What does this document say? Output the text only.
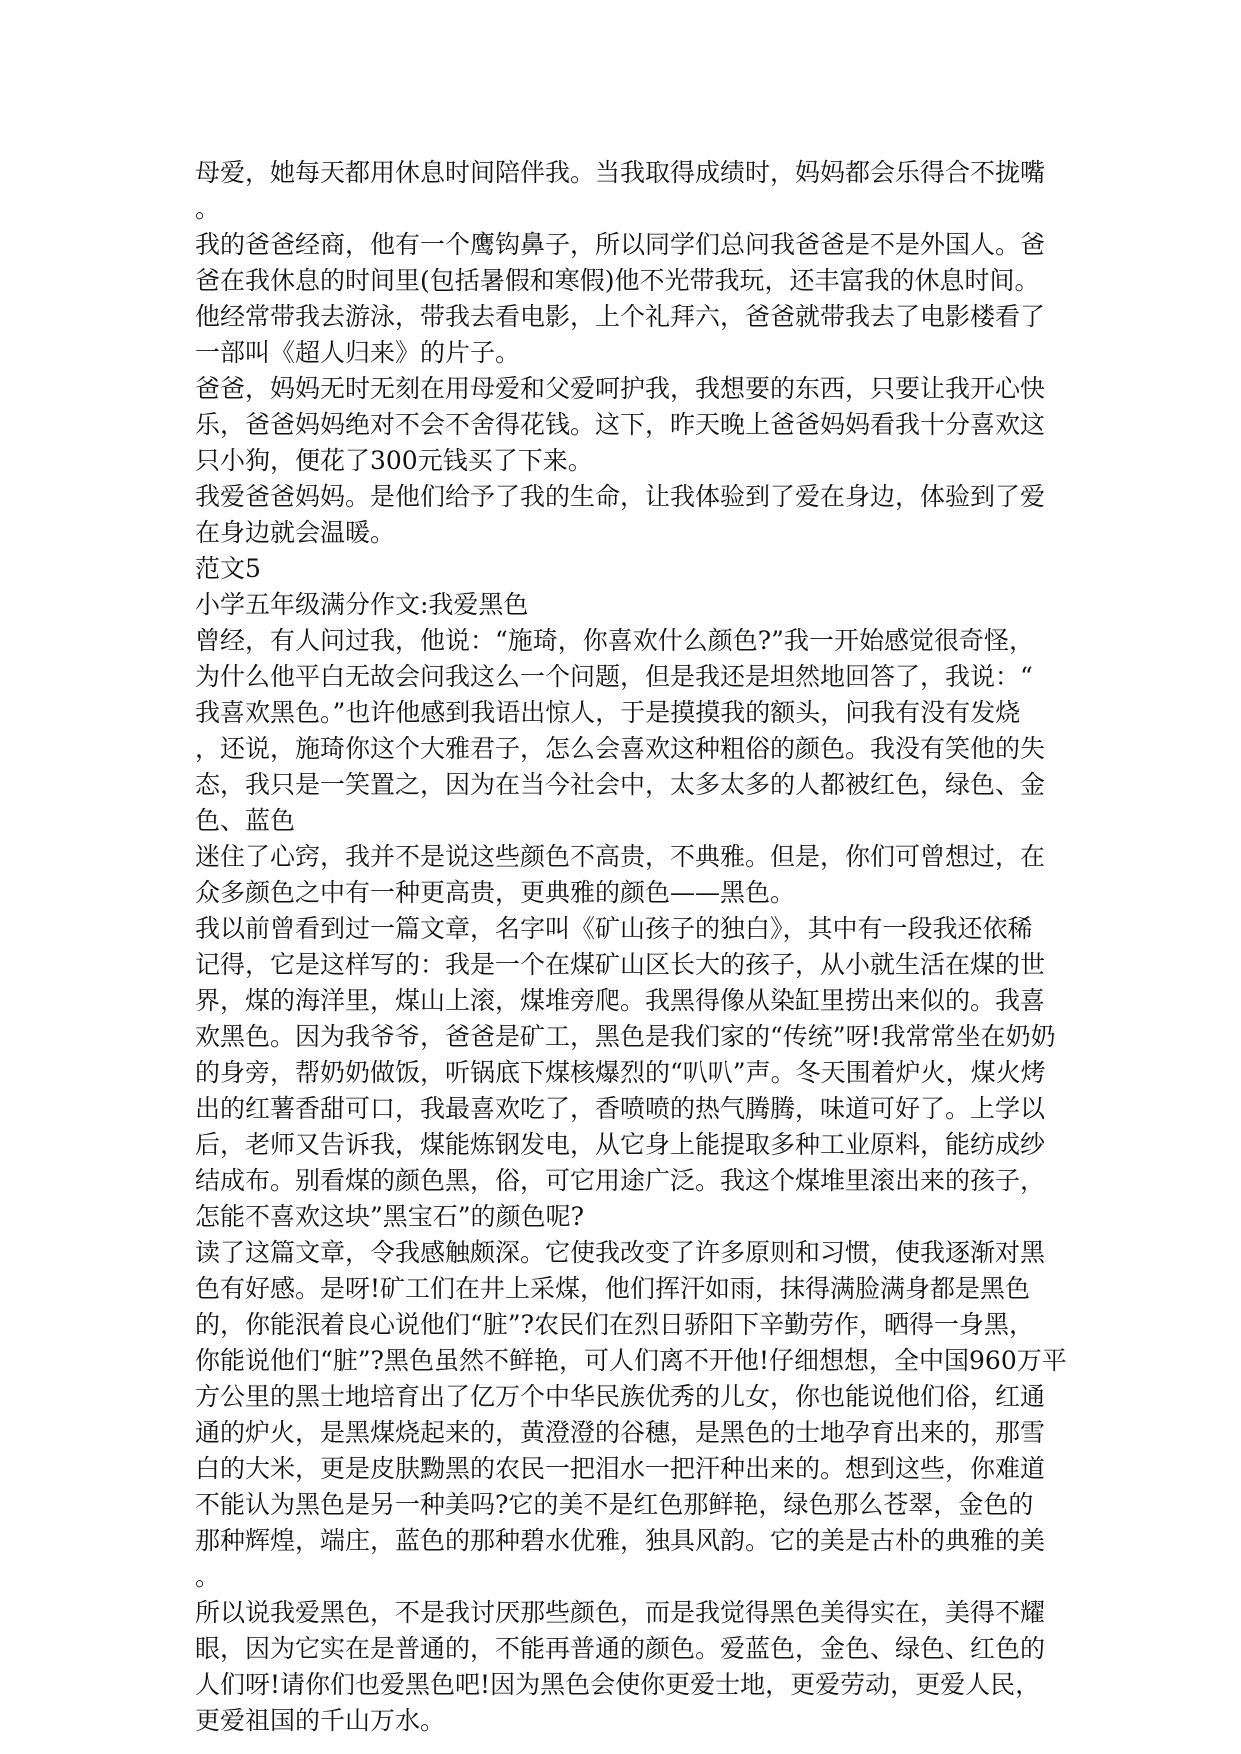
母爱，她每天都用休息时间陪伴我。当我取得成绩时，妈妈都会乐得合不拢嘴
。
我的爸爸经商，他有一个鹰钩鼻子，所以同学们总问我爸爸是不是外国人。爸
爸在我休息的时间里(包括暑假和寒假)他不光带我玩，还丰富我的休息时间。
他经常带我去游泳，带我去看电影，上个礼拜六，爸爸就带我去了电影楼看了
一部叫《超人归来》的片子。
爸爸，妈妈无时无刻在用母爱和父爱呵护我，我想要的东西，只要让我开心快
乐，爸爸妈妈绝对不会不舍得花钱。这下，昨天晚上爸爸妈妈看我十分喜欢这
只小狗，便花了300元钱买了下来。
我爱爸爸妈妈。是他们给予了我的生命，让我体验到了爱在身边，体验到了爱
在身边就会温暖。
范文5
小学五年级满分作文:我爱黑色
曾经，有人问过我，他说：“施琦，你喜欢什么颜色?”我一开始感觉很奇怪，
为什么他平白无故会问我这么一个问题，但是我还是坦然地回答了，我说：“
我喜欢黑色。”也许他感到我语出惊人，于是摸摸我的额头，问我有没有发烧
，还说，施琦你这个大雅君子，怎么会喜欢这种粗俗的颜色。我没有笑他的失
态，我只是一笑置之，因为在当今社会中，太多太多的人都被红色，绿色、金
色、蓝色
迷住了心窍，我并不是说这些颜色不高贵，不典雅。但是，你们可曾想过，在
众多颜色之中有一种更高贵，更典雅的颜色——黑色。
我以前曾看到过一篇文章，名字叫《矿山孩子的独白》，其中有一段我还依稀
记得，它是这样写的：我是一个在煤矿山区长大的孩子，从小就生活在煤的世
界，煤的海洋里，煤山上滚，煤堆旁爬。我黑得像从染缸里捞出来似的。我喜
欢黑色。因为我爷爷，爸爸是矿工，黑色是我们家的“传统”呀!我常常坐在奶奶
的身旁，帮奶奶做饭，听锅底下煤核爆烈的“叭叭”声。冬天围着炉火，煤火烤
出的红薯香甜可口，我最喜欢吃了，香喷喷的热气腾腾，味道可好了。上学以
后，老师又告诉我，煤能炼钢发电，从它身上能提取多种工业原料，能纺成纱
结成布。别看煤的颜色黑，俗，可它用途广泛。我这个煤堆里滚出来的孩子，
怎能不喜欢这块”黑宝石”的颜色呢?
读了这篇文章，令我感触颇深。它使我改变了许多原则和习惯，使我逐渐对黑
色有好感。是呀!矿工们在井上采煤，他们挥汗如雨，抹得满脸满身都是黑色
的，你能泯着良心说他们“脏”?农民们在烈日骄阳下辛勤劳作，晒得一身黑，
你能说他们“脏”?黑色虽然不鲜艳，可人们离不开他!仔细想想，全中国960万平
方公里的黑士地培育出了亿万个中华民族优秀的儿女，你也能说他们俗，红通
通的炉火，是黑煤烧起来的，黄澄澄的谷穗，是黑色的士地孕育出来的，那雪
白的大米，更是皮肤黝黑的农民一把泪水一把汗种出来的。想到这些，你难道
不能认为黑色是另一种美吗?它的美不是红色那鲜艳，绿色那么苍翠，金色的
那种辉煌，端庄，蓝色的那种碧水优雅，独具风韵。它的美是古朴的典雅的美
。
所以说我爱黑色，不是我讨厌那些颜色，而是我觉得黑色美得实在，美得不耀
眼，因为它实在是普通的，不能再普通的颜色。爱蓝色，金色、绿色、红色的
人们呀!请你们也爱黑色吧!因为黑色会使你更爱士地，更爱劳动，更爱人民，
更爱祖国的千山万水。
